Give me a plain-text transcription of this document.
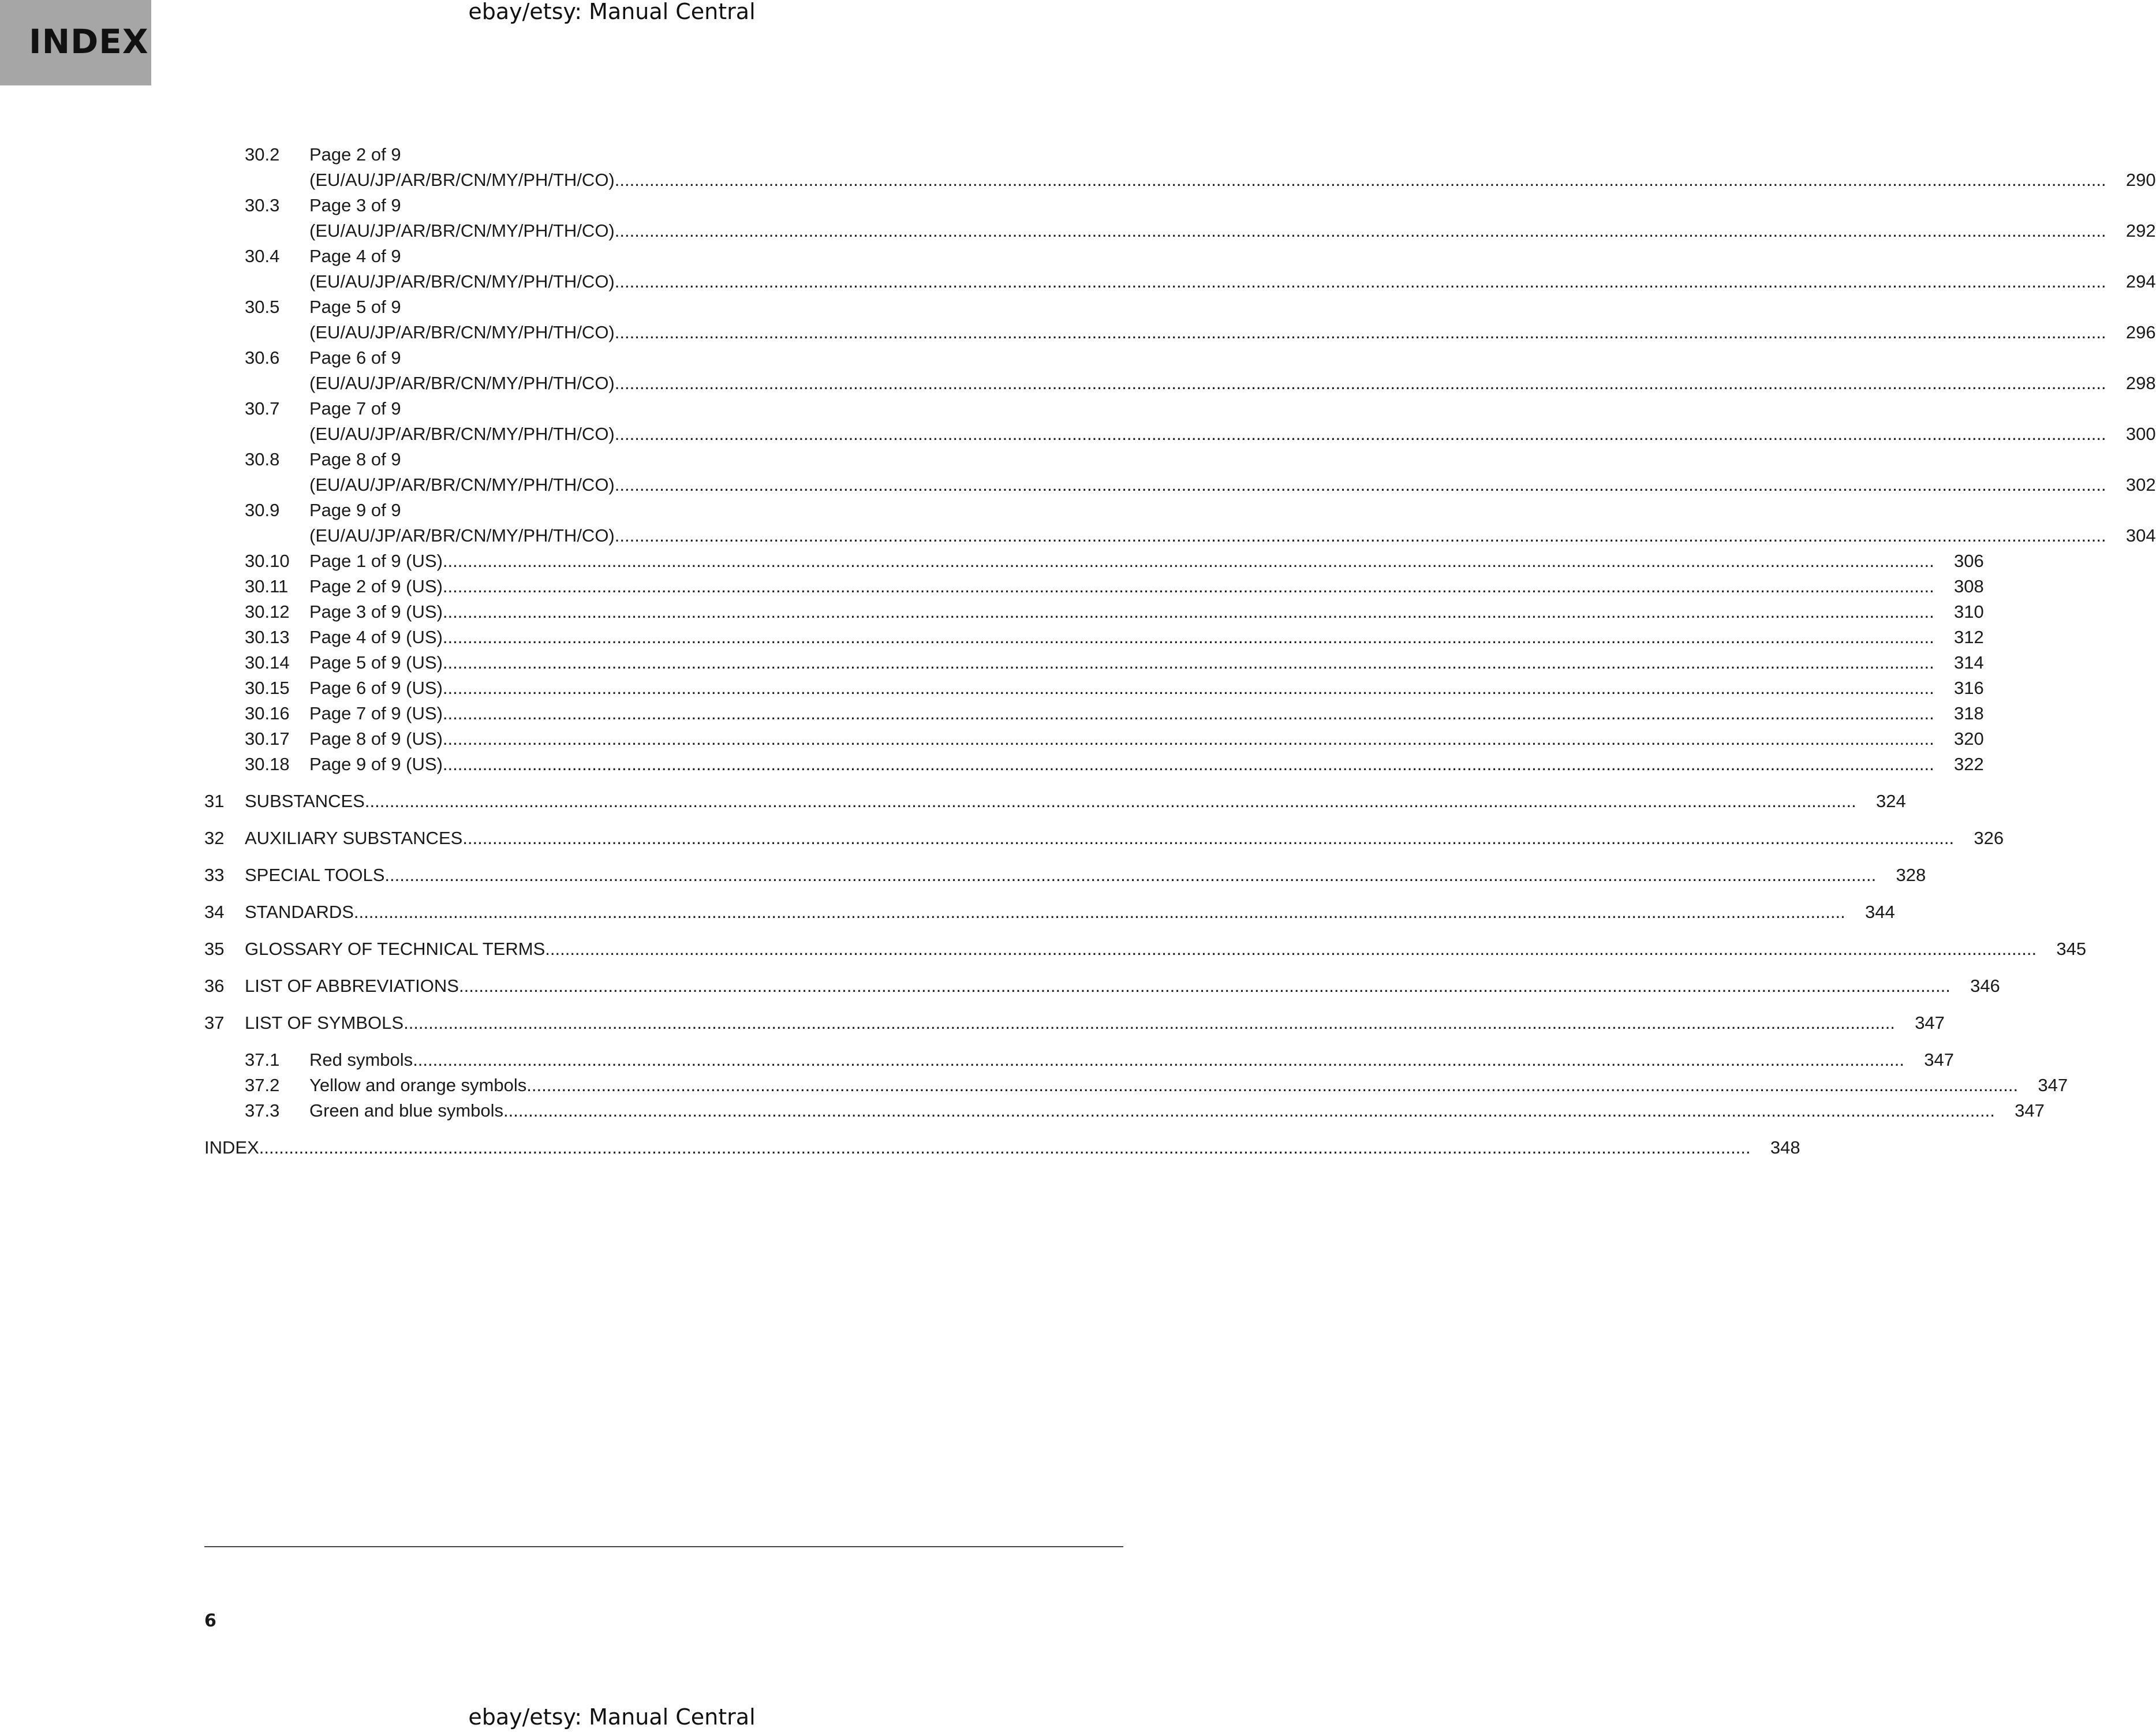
INDEX
ebay/etsy: Manual Central
30.2 Page 2 of 9
(EU/AU/JP/AR/BR/CN/MY/PH/TH/CO) ............................................................................................................................................................................................................................................................................................................	290
30.3 Page 3 of 9
(EU/AU/JP/AR/BR/CN/MY/PH/TH/CO) ............................................................................................................................................................................................................................................................................................................	292
30.4 Page 4 of 9
(EU/AU/JP/AR/BR/CN/MY/PH/TH/CO) ............................................................................................................................................................................................................................................................................................................	294
30.5 Page 5 of 9
(EU/AU/JP/AR/BR/CN/MY/PH/TH/CO) ............................................................................................................................................................................................................................................................................................................	296
30.6 Page 6 of 9
(EU/AU/JP/AR/BR/CN/MY/PH/TH/CO) ............................................................................................................................................................................................................................................................................................................	298
30.7 Page 7 of 9
(EU/AU/JP/AR/BR/CN/MY/PH/TH/CO) ............................................................................................................................................................................................................................................................................................................	300
30.8 Page 8 of 9
(EU/AU/JP/AR/BR/CN/MY/PH/TH/CO) ............................................................................................................................................................................................................................................................................................................	302
30.9 Page 9 of 9
(EU/AU/JP/AR/BR/CN/MY/PH/TH/CO) ............................................................................................................................................................................................................................................................................................................	304
30.10 Page 1 of 9 (US) ............................................................................................................................................................................................................................................................................................................	306
30.11 Page 2 of 9 (US) ............................................................................................................................................................................................................................................................................................................	308
30.12 Page 3 of 9 (US) ............................................................................................................................................................................................................................................................................................................	310
30.13 Page 4 of 9 (US) ............................................................................................................................................................................................................................................................................................................	312
30.14 Page 5 of 9 (US) ............................................................................................................................................................................................................................................................................................................	314
30.15 Page 6 of 9 (US) ............................................................................................................................................................................................................................................................................................................	316
30.16 Page 7 of 9 (US) ............................................................................................................................................................................................................................................................................................................	318
30.17 Page 8 of 9 (US) ............................................................................................................................................................................................................................................................................................................	320
30.18 Page 9 of 9 (US) ............................................................................................................................................................................................................................................................................................................	322
31 SUBSTANCES ............................................................................................................................................................................................................................................................................................................	324
32 AUXILIARY SUBSTANCES ............................................................................................................................................................................................................................................................................................................	326
33 SPECIAL TOOLS ............................................................................................................................................................................................................................................................................................................	328
34 STANDARDS ............................................................................................................................................................................................................................................................................................................	344
35 GLOSSARY OF TECHNICAL TERMS ............................................................................................................................................................................................................................................................................................................	345
36 LIST OF ABBREVIATIONS ............................................................................................................................................................................................................................................................................................................	346
37 LIST OF SYMBOLS ............................................................................................................................................................................................................................................................................................................	347
37.1 Red symbols ............................................................................................................................................................................................................................................................................................................	347
37.2 Yellow and orange symbols ............................................................................................................................................................................................................................................................................................................	347
37.3 Green and blue symbols ............................................................................................................................................................................................................................................................................................................	347
INDEX ............................................................................................................................................................................................................................................................................................................	348
6
ebay/etsy: Manual Central
